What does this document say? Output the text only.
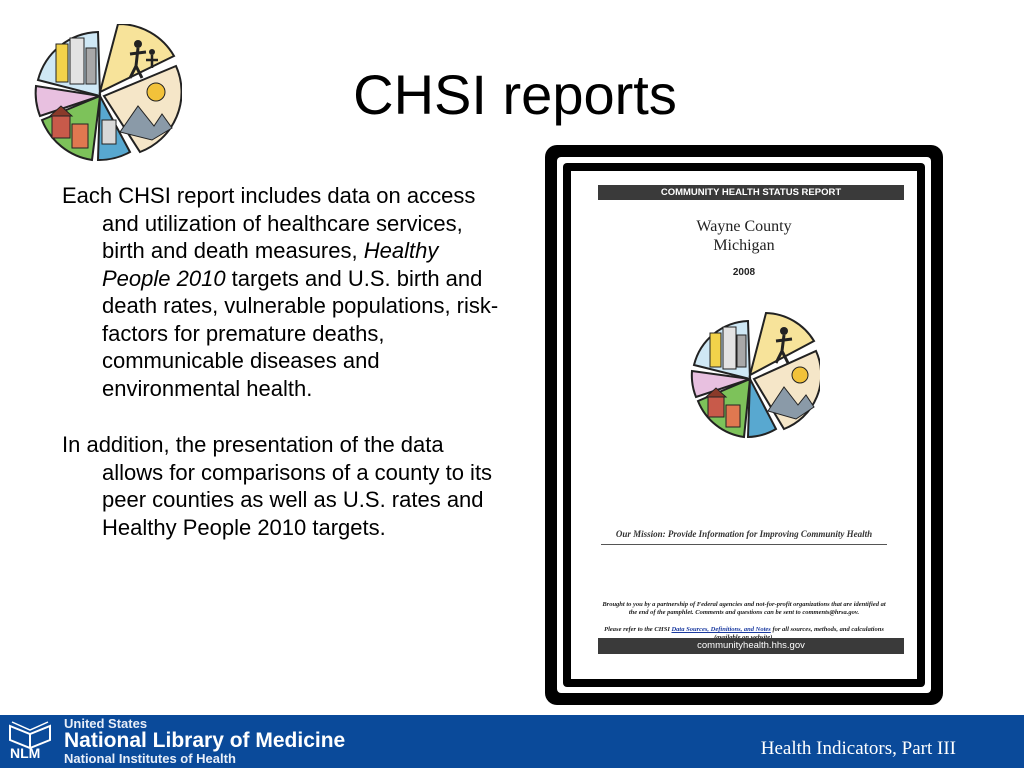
CHSI reports

Each CHSI report includes data on access and utilization of healthcare services, birth and death measures, Healthy People 2010 targets and U.S. birth and death rates, vulnerable populations, risk-factors for premature deaths, communicable diseases and environmental health.

In addition, the presentation of the data allows for comparisons of a county to its peer counties as well as U.S. rates and Healthy People 2010 targets.

COMMUNITY HEALTH STATUS REPORT
Wayne County
Michigan
2008
Our Mission: Provide Information for Improving Community Health
Brought to you by a partnership of Federal agencies and not-for-profit organizations that are identified at the end of the pamphlet. Comments and questions can be sent to comments@hrsa.gov.
Please refer to the CHSI Data Sources, Definitions, and Notes for all sources, methods, and calculations
communityhealth.hhs.gov
NLM
United States
National Library of Medicine
National Institutes of Health	Health Indicators, Part III
